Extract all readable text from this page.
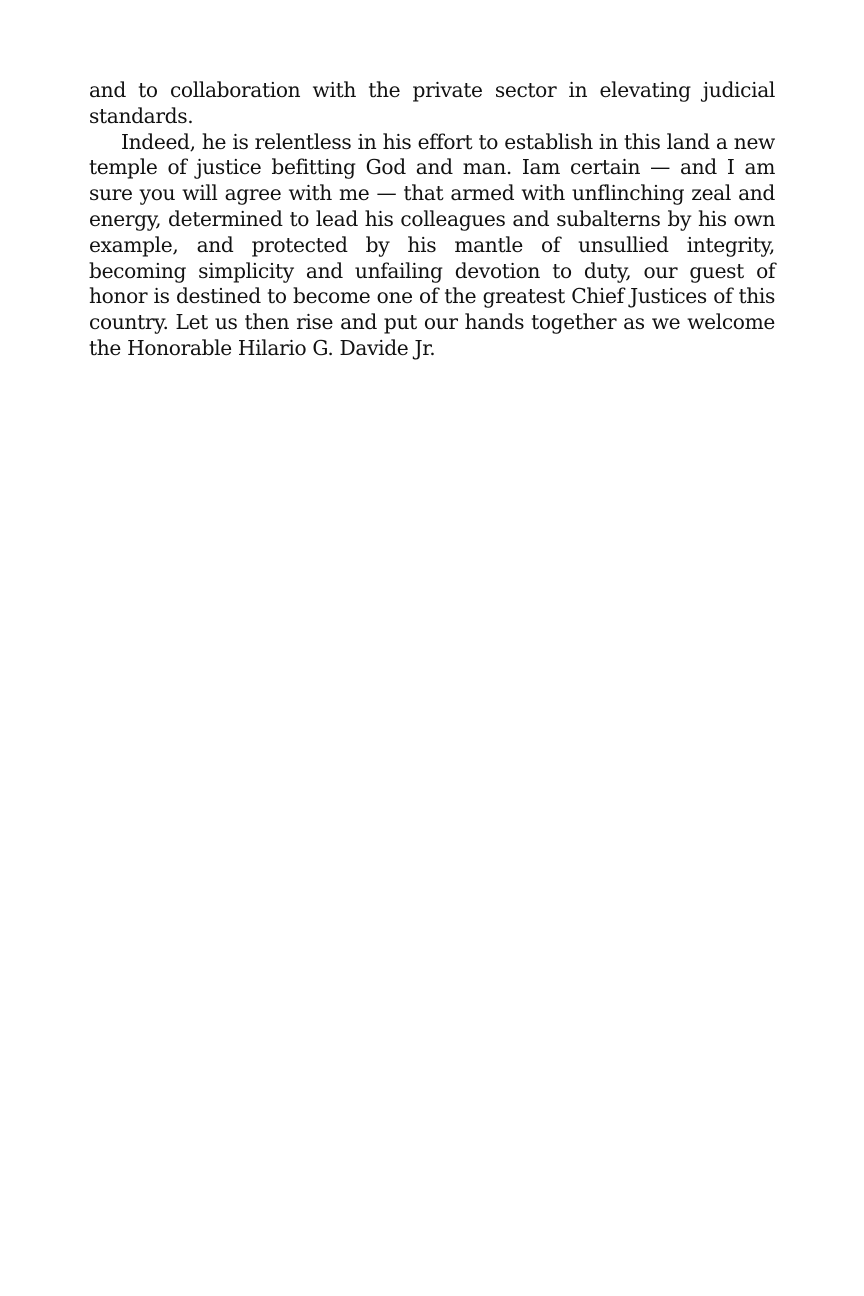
and to collaboration with the private sector in elevating judicial standards.

Indeed, he is relentless in his effort to establish in this land a new temple of justice befitting God and man. Iam certain — and I am sure you will agree with me — that armed with unflinching zeal and energy, determined to lead his colleagues and subalterns by his own example, and protected by his mantle of unsullied integrity, becoming simplicity and unfailing devotion to duty, our guest of honor is destined to become one of the greatest Chief Justices of this country. Let us then rise and put our hands together as we welcome the Honorable Hilario G. Davide Jr.
